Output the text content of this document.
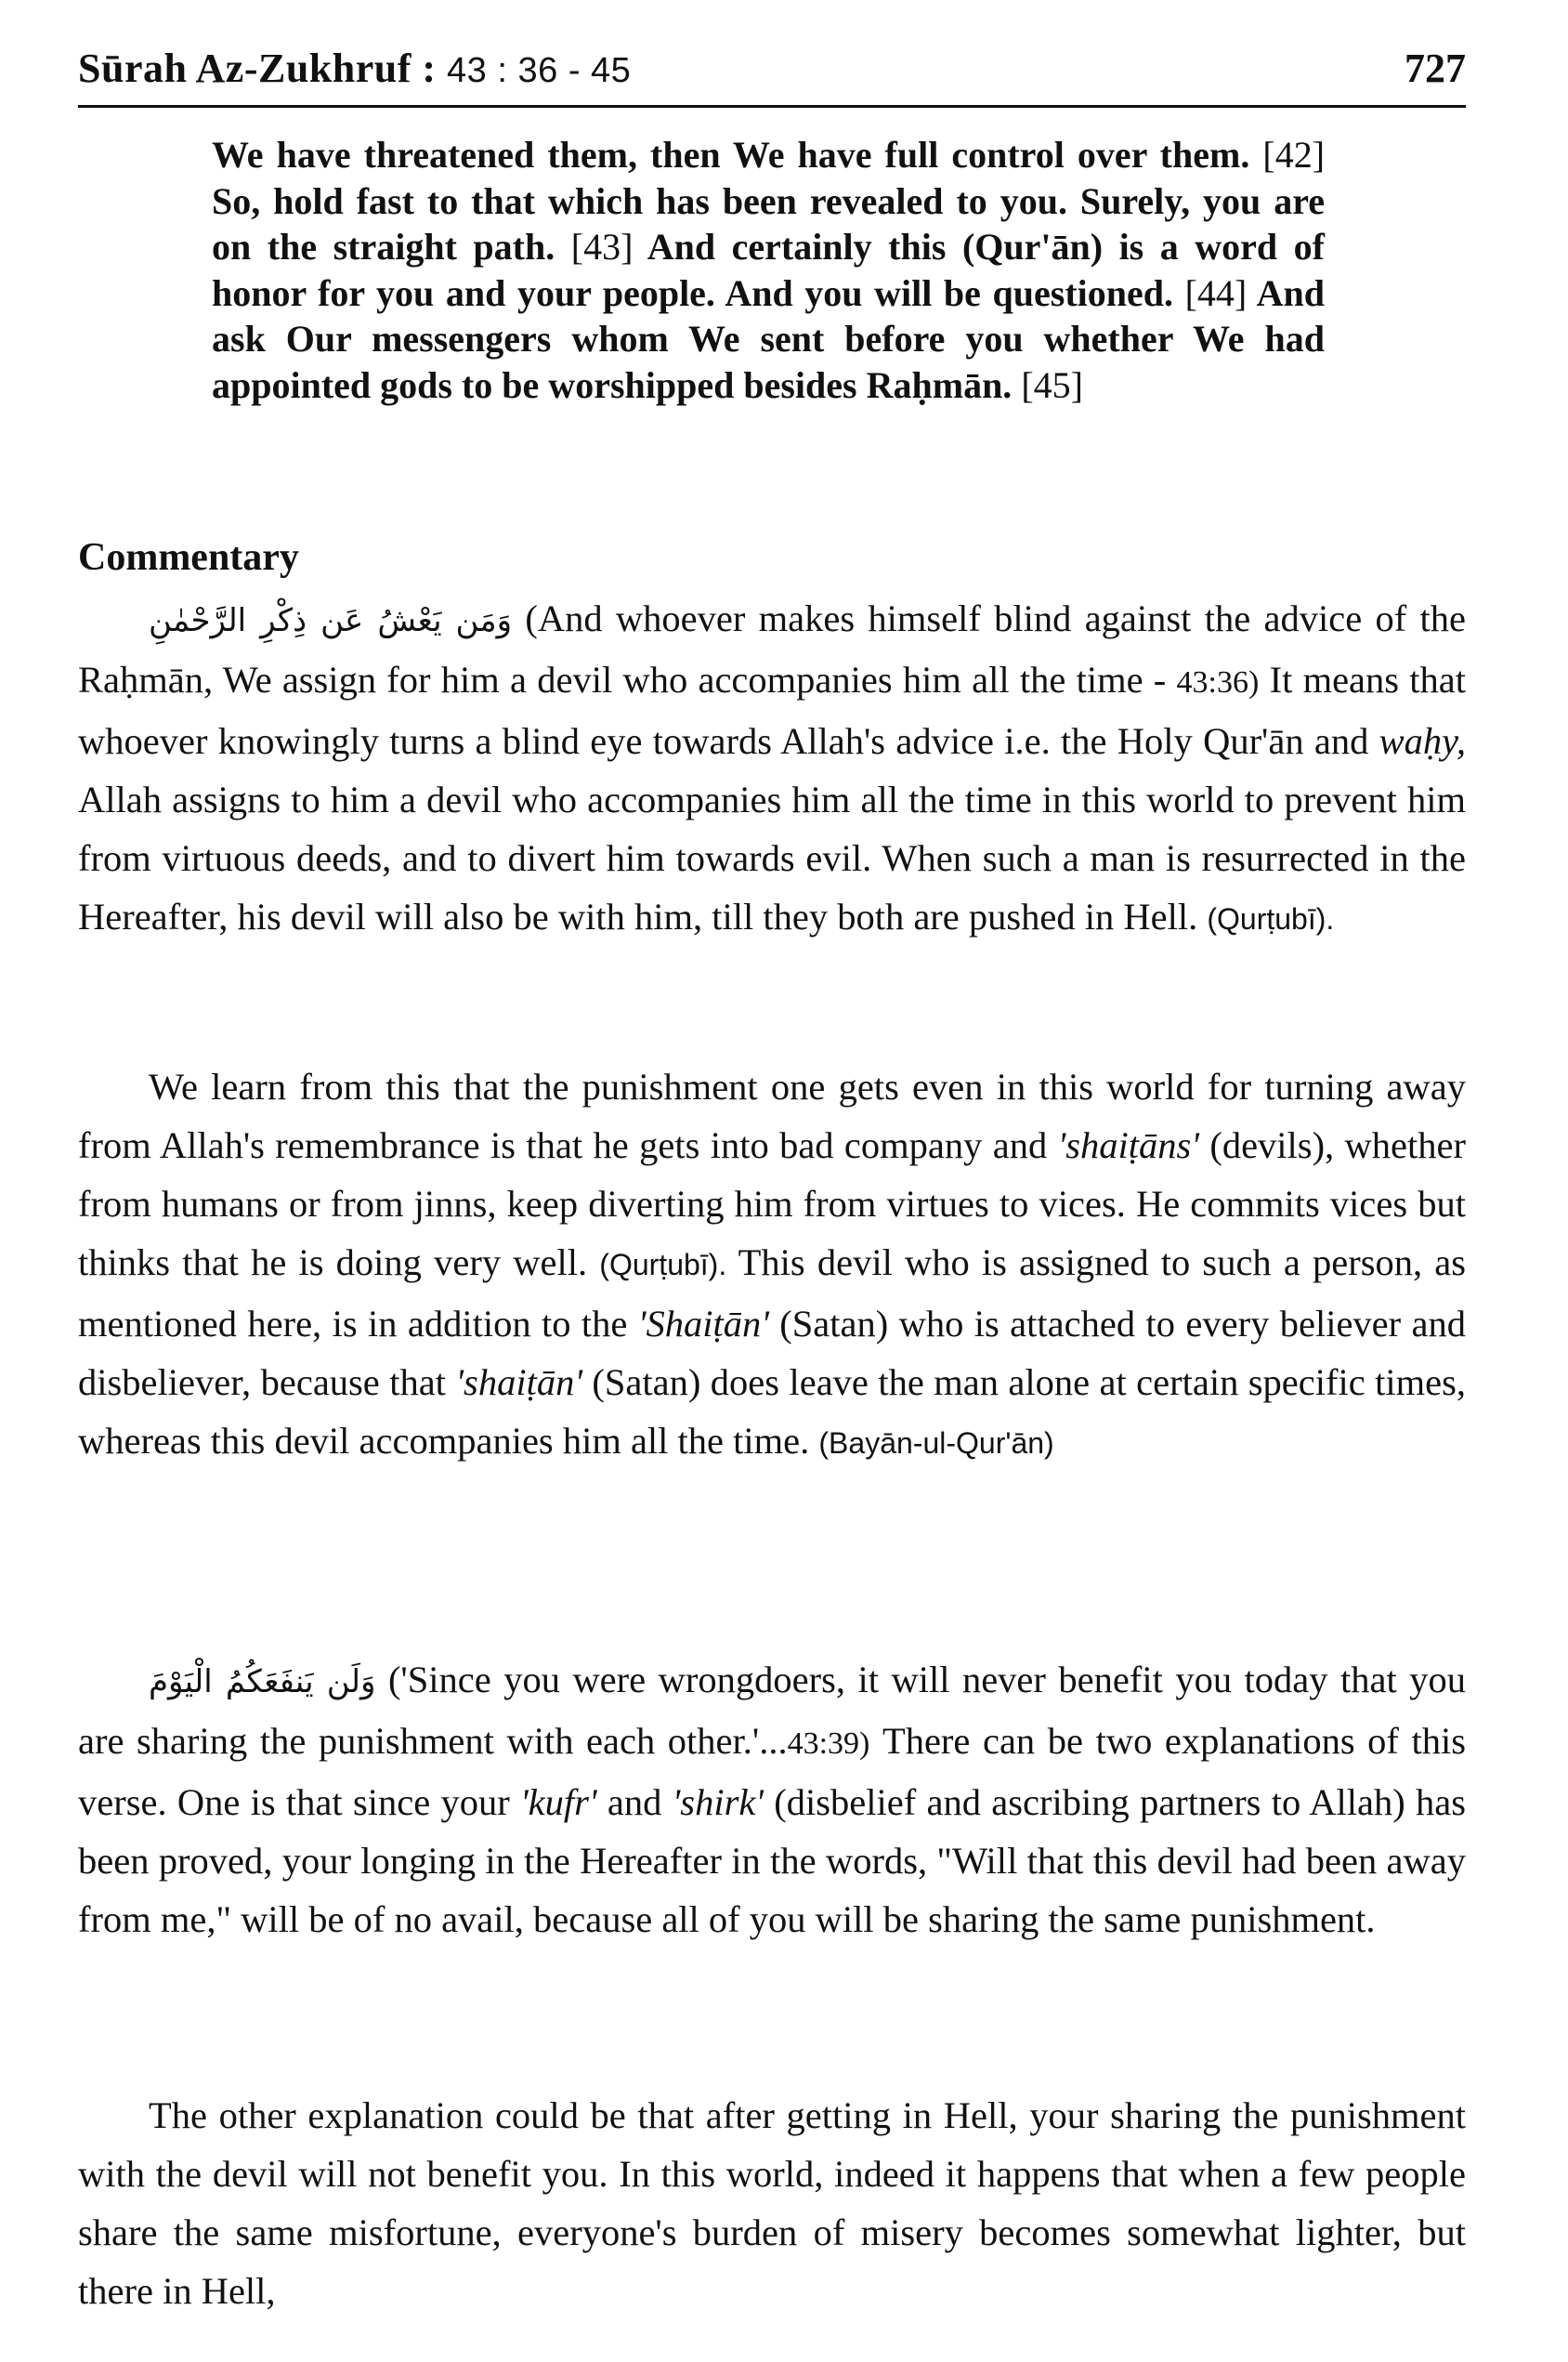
Sūrah Az-Zukhruf : 43 : 36 - 45	727
We have threatened them, then We have full control over them. [42] So, hold fast to that which has been revealed to you. Surely, you are on the straight path. [43] And certainly this (Qur'ān) is a word of honor for you and your people. And you will be questioned. [44] And ask Our messengers whom We sent before you whether We had appointed gods to be worshipped besides Raḥmān. [45]
Commentary
وَمَن يَعْشُ عَن ذِكْرِ الرَّحْمٰنِ (And whoever makes himself blind against the advice of the Raḥmān, We assign for him a devil who accompanies him all the time - 43:36) It means that whoever knowingly turns a blind eye towards Allah's advice i.e. the Holy Qur'ān and waḥy, Allah assigns to him a devil who accompanies him all the time in this world to prevent him from virtuous deeds, and to divert him towards evil. When such a man is resurrected in the Hereafter, his devil will also be with him, till they both are pushed in Hell. (Qurṭubī).
We learn from this that the punishment one gets even in this world for turning away from Allah's remembrance is that he gets into bad company and 'shaiṭāns' (devils), whether from humans or from jinns, keep diverting him from virtues to vices. He commits vices but thinks that he is doing very well. (Qurṭubī). This devil who is assigned to such a person, as mentioned here, is in addition to the 'Shaiṭān' (Satan) who is attached to every believer and disbeliever, because that 'shaiṭān' (Satan) does leave the man alone at certain specific times, whereas this devil accompanies him all the time. (Bayān-ul-Qur'ān)
وَلَن يَنفَعَكُمُ الْيَوْمَ ('Since you were wrongdoers, it will never benefit you today that you are sharing the punishment with each other.'...43:39) There can be two explanations of this verse. One is that since your 'kufr' and 'shirk' (disbelief and ascribing partners to Allah) has been proved, your longing in the Hereafter in the words, "Will that this devil had been away from me," will be of no avail, because all of you will be sharing the same punishment.
The other explanation could be that after getting in Hell, your sharing the punishment with the devil will not benefit you. In this world, indeed it happens that when a few people share the same misfortune, everyone's burden of misery becomes somewhat lighter, but there in Hell,
